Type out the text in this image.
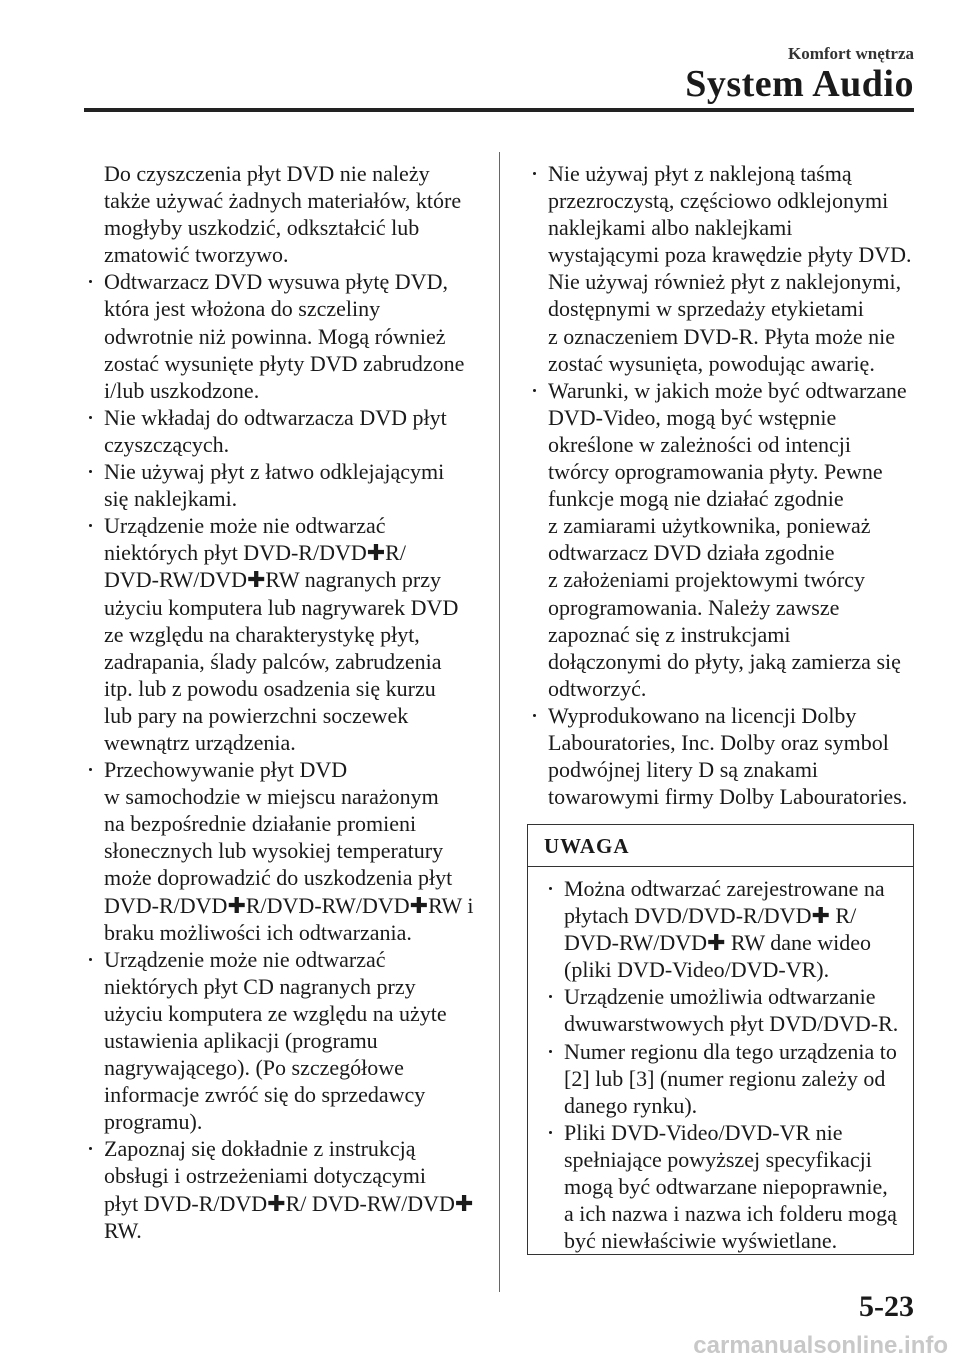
Komfort wnętrza
System Audio

Do czyszczenia płyt DVD nie należy
także używać żadnych materiałów, które
mogłyby uszkodzić, odkształcić lub
zmatowić tworzywo.

Odtwarzacz DVD wysuwa płytę DVD,
która jest włożona do szczeliny
odwrotnie niż powinna. Mogą również
zostać wysunięte płyty DVD zabrudzone
i/lub uszkodzone.
Nie wkładaj do odtwarzacza DVD płyt
czyszczących.
Nie używaj płyt z łatwo odklejającymi
się naklejkami.
Urządzenie może nie odtwarzać
niektórych płyt DVD-R/DVD✚R/
DVD-RW/DVD✚RW nagranych przy
użyciu komputera lub nagrywarek DVD
ze względu na charakterystykę płyt,
zadrapania, ślady palców, zabrudzenia
itp. lub z powodu osadzenia się kurzu
lub pary na powierzchni soczewek
wewnątrz urządzenia.
Przechowywanie płyt DVD
w samochodzie w miejscu narażonym
na bezpośrednie działanie promieni
słonecznych lub wysokiej temperatury
może doprowadzić do uszkodzenia płyt
DVD-R/DVD✚R/DVD-RW/DVD✚RW i
braku możliwości ich odtwarzania.
Urządzenie może nie odtwarzać
niektórych płyt CD nagranych przy
użyciu komputera ze względu na użyte
ustawienia aplikacji (programu
nagrywającego). (Po szczegółowe
informacje zwróć się do sprzedawcy
programu).
Zapoznaj się dokładnie z instrukcją
obsługi i ostrzeżeniami dotyczącymi
płyt DVD-R/DVD✚R/ DVD-RW/DVD✚
RW.
Nie używaj płyt z naklejoną taśmą
przezroczystą, częściowo odklejonymi
naklejkami albo naklejkami
wystającymi poza krawędzie płyty DVD.
Nie używaj również płyt z naklejonymi,
dostępnymi w sprzedaży etykietami
z oznaczeniem DVD-R. Płyta może nie
zostać wysunięta, powodując awarię.
Warunki, w jakich może być odtwarzane
DVD-Video, mogą być wstępnie
określone w zależności od intencji
twórcy oprogramowania płyty. Pewne
funkcje mogą nie działać zgodnie
z zamiarami użytkownika, ponieważ
odtwarzacz DVD działa zgodnie
z założeniami projektowymi twórcy
oprogramowania. Należy zawsze
zapoznać się z instrukcjami
dołączonymi do płyty, jaką zamierza się
odtworzyć.
Wyprodukowano na licencji Dolby
Labouratories, Inc. Dolby oraz symbol
podwójnej litery D są znakami
towarowymi firmy Dolby Labouratories.
UWAGA
Można odtwarzać zarejestrowane na
płytach DVD/DVD-R/DVD✚ R/
DVD-RW/DVD✚ RW dane wideo
(pliki DVD-Video/DVD-VR).
Urządzenie umożliwia odtwarzanie
dwuwarstwowych płyt DVD/DVD-R.
Numer regionu dla tego urządzenia to
[2] lub [3] (numer regionu zależy od
danego rynku).
Pliki DVD-Video/DVD-VR nie
spełniające powyższej specyfikacji
mogą być odtwarzane niepoprawnie,
a ich nazwa i nazwa ich folderu mogą
być niewłaściwie wyświetlane.
5-23
carmanualsonline.info
